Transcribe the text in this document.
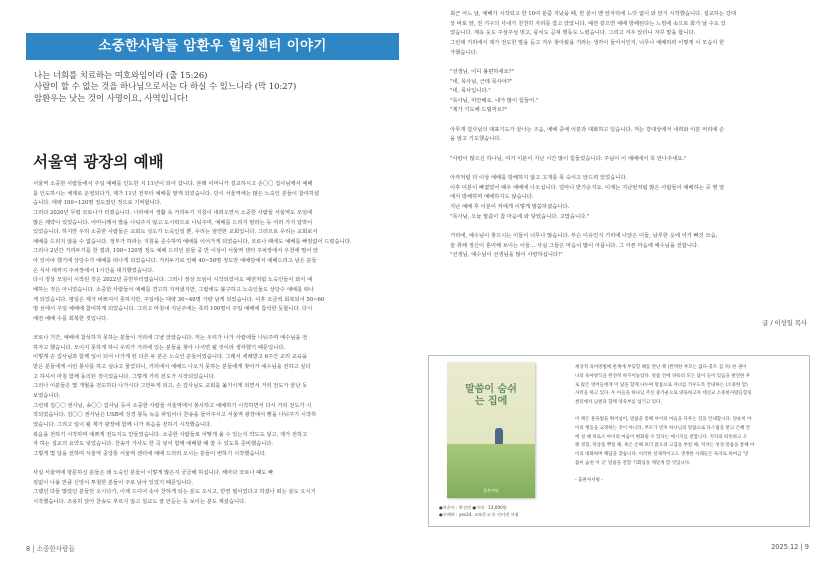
소중한사람들 암환우 힐링센터 이야기
나는 너희를 치료하는 여호와임이라 (출 15:26)
사람이 할 수 없는 것을 하나님으로서는 다 하실 수 있느니라 (막 10:27)
암환우는 낫는 것이 사명이요, 사역입니다!
서울역 광장의 예배
서울역 소중한 사람들에서 주일 예배를 인도한 지 11년이 되어 갑니다. 본래 어머니가 설교하시고 손〇〇 집사님께서 예배
를 인도하시는 체제로 운영되다가, 제가 11년 전부터 예배를 맡게 되었습니다. 당시 서울역에는 많은 노숙인 분들이 참여하셨
습니다. 대략 100~120명 정도였던 것으로 기억합니다.
그러다 2020년 무렵 코로나가 터졌습니다. 나라에서 생활 속 거리두기 지침이 내려오면서 소중한 사람들 서울역도 모임에
많은 제약이 있었습니다. 어머니께서 밥을 나눠주지 않고 도시락으로 나눠주며, 예배를 드리지 말라는 등 여러 가지 압박이
있었습니다. 하지만 우리 소중한 사람들은 교회도 성도가 노숙인일 뿐, 우리는 엄연한 교회입니다. 그러므로 우리는 교회로서
예배를 드리지 않을 수 없습니다. 정부가 하라는 지침을 준수하며 예배를 이어가게 되었습니다, 코로나 때에도 예배를 빠짐없이 드렸습니다.
그러나 2년간 거리두기를 한 결과, 100~120명 정도 예배 드리던 분들 중 반 이상이 서울역 센터 주차장에서 우천에 떨어 앉
아 있어야 했기에 상당수가 예배를 떠나게 되었습니다. 거리두기로 인해 40~50명 정도만 예배당에서 예배드리고 남은 분들
은 식사 대까지 주차장에서 1시간을 대기했었습니다.
다시 정상 모임이 시작된 것은 2022년 중반부터였습니다. 그러나 정상 모임이 시작되었어도 예전처럼 노숙인들이 와서 예
배하는 것은 아니었습니다. 소중한 사람들이 예배를 견고히 지켜냈지만, 그럼에도 불구하고 노숙인들도 상당수 예배를 떠나
게 되었습니다. 평일은 제가 바쁘셔서 못하지만, 주일에는 대략 30~40명 가량 남게 되었습니다. 이후 조금씩 회복되어 50~60
명 선에서 주일 예배에 참여하게 되었습니다. 그리고 마침내 지난주에는 족히 100명이 주일 예배에 참석한 듯합니다. 다시
예전 예배 수를 회복한 것입니다.
코로나 기간, 예배에 참석하지 못하는 분들이 거리에 그냥 앉았습니다. 저는 우리가 나가 사람에들 나눠주며 예수님을 전
하자고 했습니다. 모이지 못하게 하니 우리가 거리에 있는 분들을 찾아 나서면 될 것이라 생각했기 때문입니다.
이렇게 손 집사님과 함께 일이 되어 나가게 된 다른 두 분은 노숙인 분들이었습니다. 그래서 세례받고 6주간 교리 교육을
받은 분들에게 이런 봉사를 하고 싶냐고 물었더니, 거리에서 예배드 나오지 못하는 분들에게 찾아가 예수님을 전하고 싶다
고 하셔서 마침 함께 동의된 것이었습니다. 그렇게 거리 전도가 시작되었습니다.
그러나 이분들은 몇 개월을 전도하다 나가시다 그만두게 되고, 손 집사님도 교회를 옮기시게 되면서 거리 전도가 끝난 듯
보였습니다.
그런데 김〇〇 권사님, 송〇〇 집사님 등이 소중한 사람들 서울역에서 봉사하고 예배하기 시작하면서 다시 거리 전도가 시
작되었습니다. 김〇〇 권사님은 USB에 성경 봉독 녹음 파일이나 찬송을 들어주시고 서울역 광장에서 빵을 나눠주기 시작하
였습니다. 그리고 일이 될 제가 광장에 함께 나가 복음을 전하기 시작했습니다.
복음을 전하기 시작하며 예쁘게 전도지도 만들었습니다. 소중한 사람들로 어떻게 올 수 있는지 약도도 넣고, 제가 전하고
자 하는 설교의 요약도 넣었습니다. 찬송가 가사도 한 곡 넣어 함께 예배할 때 쓸 수 있도록 준비했습니다.
그렇게 몇 달을 전하며 서울역 중앙통 서울역 센터에 예배 드리러 오시는 분들이 변하기 시작했습니다.
사실 서울역에 방문하신 분들은 왜 노숙인 분들이 이렇게 많은지 궁금해 하십니다. 해마다 코로나 때도 빠
짐없이 나올 만큼 신앙이 투철한 분들이 주로 남아 있었기 때문입니다.
그랬던 다들 많았던 분들만 오시다가, 이제 드디어 솟아 찬하게 되는 분도 오시고, 반면 필이었다고 하셨나 떠는 분도 오시기
시작했습니다. 조용히 앉아 찬송도 부르지 않고 설교도 잘 안듣는 듯 보이는 분도 계셨습니다.
8 | 소중한사람들
최근 어느 날, 예배가 시작되고 한 10여 분쯤 지났을 때, 한 분이 맨 앞자리에 느닷 없이 와 앉기 시작했습니다. 설교하는 강대
상 바로 앞, 전 거구의 사내가 천천히 자리를 잡고 앉았니다. 예전 같으면 예배 방해된다는 느낌에 속으로 화가 날 수도 있
었습니다. 계속 웃도 주섬주섬 벗고, 뭉치도 곧쳐 행동도 느렸습니다. 그리고 겨우 앉더니 자꾸 말을 합니다.
그런데 거리에서 제가 전도한 말을 듣고 겨우 찾아왔을 거라는 생각이 들어서인지, 너무나 예배하러 이렇게 이 모습이 한
가했습니다.
"선생님, 어디 불편하세요?"
"네, 목사님, 근데 목사야?"
"네, 목사입니다."
"목사님, 미안해요. 내가 많이 힘들어."
"제가 기도해 드릴까요?"
아무개 집사님의 대표기도가 끝나는 즈음, 예배 중에 이분과 대화하고 있습니다. 저는 강대상에서 내려와 이분 머리에 손
을 얹고 기도했습니다.
"사랑이 많으신 하나님, 여기 이분이 지난 시간 많이 힘들었습니다. 주님이 이 예배에서 꼭 만나주세요."
아까처럼 더 이상 예배를 방해하지 않고 고개를 푹 숙이고 앉드려 있었습니다.
이후 이분이 빠졌었어 때우 예배에 나오십니다. 얼마나 반가운지요. 이제는 지난번처럼 많은 사람들이 예배하는 곳 맨 앞
에서 방해하며 예배하지도 않습니다.
지난 예배 후 이분이 저에게 이렇게 말씀하셨습니다.
"목사님, 오늘 말씀이 참 마음에 와 닿았습니다. 고맙습니다."
거리에, 예수님이 찾으시는 이들이 너무나 많습니다. 부슨 이유인지 거리에 나앉은 이들, 남루한 옷에 어가 빠진 모습,
술 취해 정신이 혼미해 보이는 이들… 사실 그들은 마음이 많이 아픕니다. 그 아픈 마음에 예수님을 전합니다.
"선생님, 예수님이 선생님을 많이 사랑하십니다!"
글 / 이성일 목사
말씀이 숨쉬는 집에
좋은씨앗
●지은이 : 박선민 ●가격 : 13,000원
●구매처 : yes24, 교보문고 등 인터넷 서점
세상적 육아방법에 한계에 부딪힐 때를 만난 책 (완벽한 부모는 없다-홀트 칩 저) 한 권이
나의 육아방식을 완전히 바꾸어놓았다. 말씀 안에 양육의 모든 답이 들어 있음을 발견한 후
로 많은 영어들에게 이 답을 함께 나누며 말씀으로 자녀를 키우도록 안내하는 (소중한 맘)
사역을 하고 있다. 두 아들을 하나님 주신 충가운으로 양육하고자 대선교 소중한사람들힐링
센터에서 남편과 함께 양육부를 섬기고 있다.
이 책은 훈육법을 뛰어넘어, 말씀을 통해 아이의 마음을 다루는 길을 안내합니다. 단순히 아
이의 행동을 교정하는 것이 아니라, 부모가 먼저 하나님의 말씀으로 다스림을 받고 은혜 안
에 설 때 비로소 아이의 마음이 변화될 수 있다는 메시지를 전합니다. 저자의 따뜻하고 오
랫 경험, 묵상을 뿌릴 때, 혹은 손해 보더 앉으려 고집을 부릴 때, 저자는 성경 말씀을 통해 아
이의 대화하며 해답을 찾습니다. 이러한 실제적이고도 생생한 사례들은 독자로 하여금 '말
씀이 숨쉰 이 곳' 말씀을 전할 기회임을 깨닫게 할 것입니다.
- 출판사서평 -
2025.12 | 9
